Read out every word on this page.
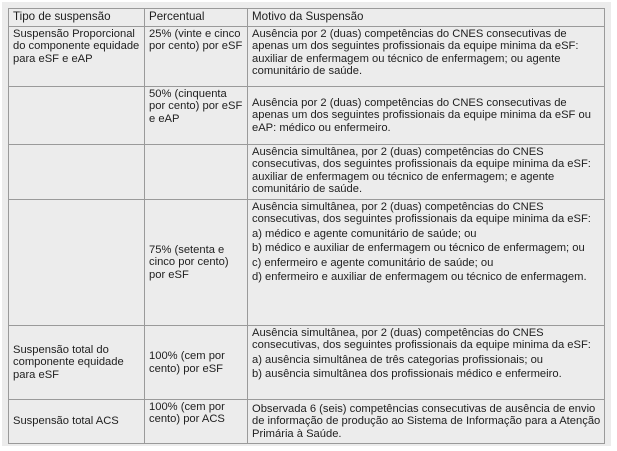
Tipo de suspensão	Percentual	Motivo da Suspensão
Suspensão Proporcional do componente equidade para eSF e eAP	25% (vinte e cinco por cento) por eSF	Ausência por 2 (duas) competências do CNES consecutivas de apenas um dos seguintes profissionais da equipe minima da eSF: auxiliar de enfermagem ou técnico de enfermagem; ou agente comunitário de saúde.
	50% (cinquenta por cento) por eSF e eAP	Ausência por 2 (duas) competências do CNES consecutivas de apenas um dos seguintes profissionais da equipe minima da eSF ou eAP: médico ou enfermeiro.
		Ausência simultânea, por 2 (duas) competências do CNES consecutivas, dos seguintes profissionais da equipe minima da eSF: auxiliar de enfermagem ou técnico de enfermagem; e agente comunitário de saúde.
	75% (setenta e cinco por cento) por eSF	Ausência simultânea, por 2 (duas) competências do CNES consecutivas, dos seguintes profissionais da equipe minima da eSF:
a) médico e agente comunitário de saúde; ou
b) médico e auxiliar de enfermagem ou técnico de enfermagem; ou
c) enfermeiro e agente comunitário de saúde; ou
d) enfermeiro e auxiliar de enfermagem ou técnico de enfermagem.

Suspensão total do componente equidade para eSF	100% (cem por cento) por eSF	Ausência simultânea, por 2 (duas) competências do CNES consecutivas, dos seguintes profissionais da equipe minima da eSF:
a) ausência simultânea de três categorias profissionais; ou
b) ausência simultânea dos profissionais médico e enfermeiro.

Suspensão total ACS	100% (cem por cento) por ACS	Observada 6 (seis) competências consecutivas de ausência de envio de informação de produção ao Sistema de Informação para a Atenção Primária à Saúde.
